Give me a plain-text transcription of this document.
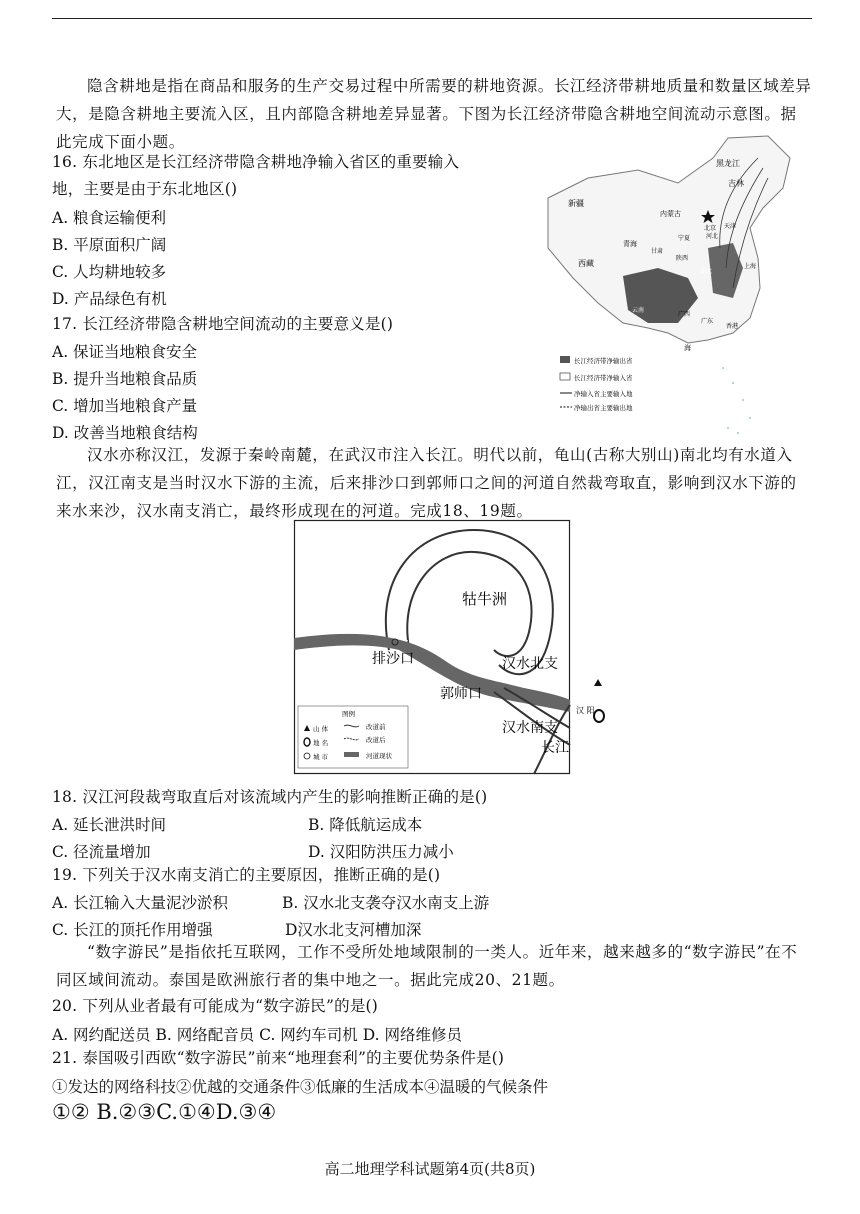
隐含耕地是指在商品和服务的生产交易过程中所需要的耕地资源。长江经济带耕地质量和数量区域差异大，是隐含耕地主要流入区，且内部隐含耕地差异显著。下图为长江经济带隐含耕地空间流动示意图。据此完成下面小题。
16. 东北地区是长江经济带隐含耕地净输入省区的重要输入
地，主要是由于东北地区()
A. 粮食运输便利
B. 平原面积广阔
C. 人均耕地较多
D. 产品绿色有机
17. 长江经济带隐含耕地空间流动的主要意义是()
A. 保证当地粮食安全
B. 提升当地粮食品质
C. 增加当地粮食产量
D. 改善当地粮食结构
黑龙江
吉林
新疆
内蒙古
北京 天津
河北
青海
甘肃
宁夏
陕西
西藏
湖北
上海
云南
广西
广东
海
香港
长江经济带净输出省
长江经济带净输入省
净输入省主要输入地
净输出省主要输出地
汉水亦称汉江，发源于秦岭南麓，在武汉市注入长江。明代以前，龟山(古称大别山)南北均有水道入江，汉江南支是当时汉水下游的主流，后来排沙口到郭师口之间的河道自然裁弯取直，影响到汉水下游的来水来沙，汉水南支消亡，最终形成现在的河道。完成18、19题。
牯牛洲
排沙口	汉水北支
郭师口
汉水南支
长江
汉 阳
图例
山 体
地 名
城 市
改道前
改道后
河道现状
18. 汉江河段裁弯取直后对该流域内产生的影响推断正确的是()
A. 延长泄洪时间	B. 降低航运成本
C. 径流量增加	D. 汉阳防洪压力减小
19. 下列关于汉水南支消亡的主要原因，推断正确的是()
A. 长江输入大量泥沙淤积	B. 汉水北支袭夺汉水南支上游
C. 长江的顶托作用增强	D汉水北支河槽加深
“数字游民”是指依托互联网，工作不受所处地域限制的一类人。近年来，越来越多的“数字游民”在不同区域间流动。泰国是欧洲旅行者的集中地之一。据此完成20、21题。
20. 下列从业者最有可能成为“数字游民”的是()
A. 网约配送员 B. 网络配音员 C. 网约车司机 D. 网络维修员
21. 泰国吸引西欧“数字游民”前来“地理套利”的主要优势条件是()
①发达的网络科技②优越的交通条件③低廉的生活成本④温暖的气候条件
①② B.②③C.①④D.③④
高二地理学科试题第4页(共8页)
